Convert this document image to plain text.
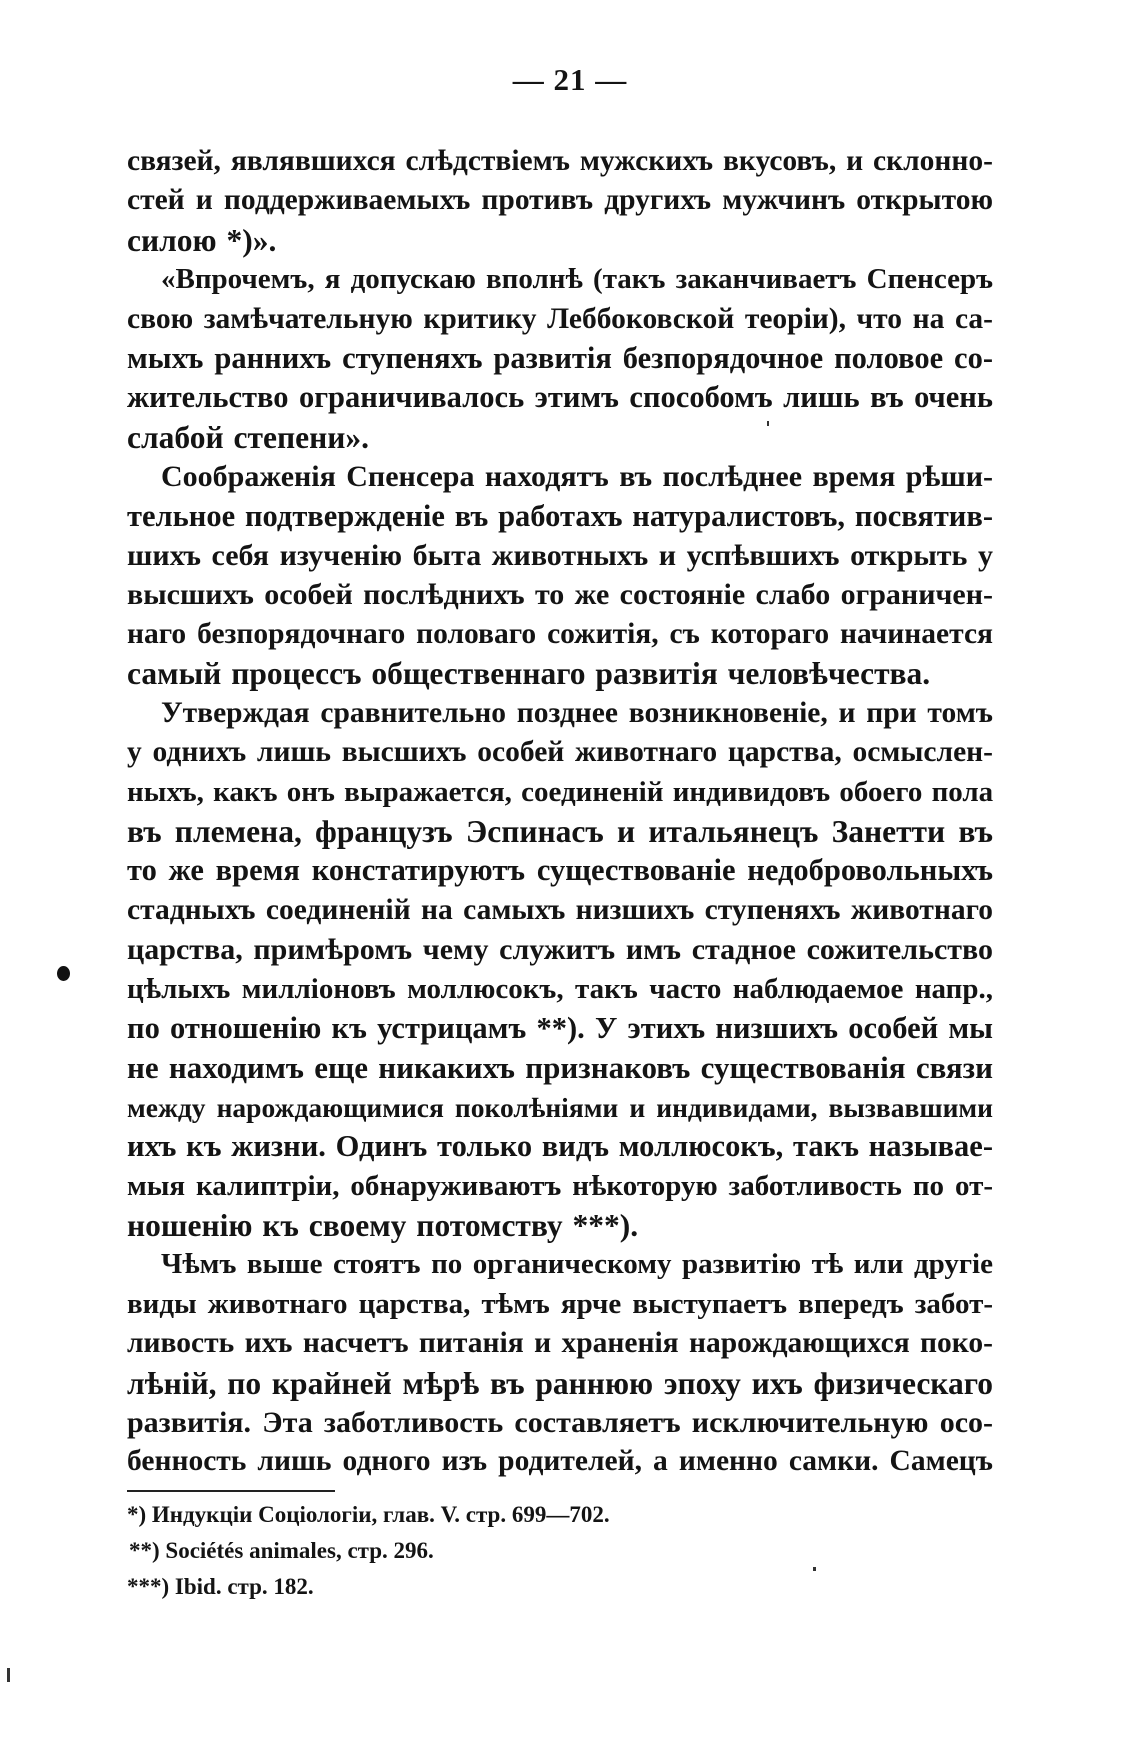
— 21 —
связей, являвшихся слѣдствіемъ мужскихъ вкусовъ, и склонно-
стей и поддерживаемыхъ противъ другихъ мужчинъ открытою
силою *)».
«Впрочемъ, я допускаю вполнѣ (такъ заканчиваетъ Спенсеръ
свою замѣчательную критику Леббоковской теоріи), что на са-
мыхъ раннихъ ступеняхъ развитія безпорядочное половое со-
жительство ограничивалось этимъ способомъ лишь въ очень
слабой степени».
Соображенія Спенсера находятъ въ послѣднее время рѣши-
тельное подтвержденіе въ работахъ натуралистовъ, посвятив-
шихъ себя изученію быта животныхъ и успѣвшихъ открыть у
высшихъ особей послѣднихъ то же состояніе слабо ограничен-
наго безпорядочнаго половаго сожитія, съ котораго начинается
самый процессъ общественнаго развитія человѣчества.
Утверждая сравнительно позднее возникновеніе, и при томъ
у однихъ лишь высшихъ особей животнаго царства, осмыслен-
ныхъ, какъ онъ выражается, соединеній индивидовъ обоего пола
въ племена, французъ Эспинасъ и итальянецъ Занетти въ
то же время констатируютъ существованіе недобровольныхъ
стадныхъ соединеній на самыхъ низшихъ ступеняхъ животнаго
царства, примѣромъ чему служитъ имъ стадное сожительство
цѣлыхъ милліоновъ моллюсокъ, такъ часто наблюдаемое напр.,
по отношенію къ устрицамъ **). У этихъ низшихъ особей мы
не находимъ еще никакихъ признаковъ существованія связи
между нарождающимися поколѣніями и индивидами, вызвавшими
ихъ къ жизни. Одинъ только видъ моллюсокъ, такъ называе-
мыя калиптріи, обнаруживаютъ нѣкоторую заботливость по от-
ношенію къ своему потомству ***).
Чѣмъ выше стоятъ по органическому развитію тѣ или другіе
виды животнаго царства, тѣмъ ярче выступаетъ впередъ забот-
ливость ихъ насчетъ питанія и храненія нарождающихся поко-
лѣній, по крайней мѣрѣ въ раннюю эпоху ихъ физическаго
развитія. Эта заботливость составляетъ исключительную осо-
бенность лишь одного изъ родителей, а именно самки. Самецъ
*) Индукціи Соціологіи, глав. V. стр. 699—702.
**) Sociétés animales, стр. 296.
***) Ibid. стр. 182.
